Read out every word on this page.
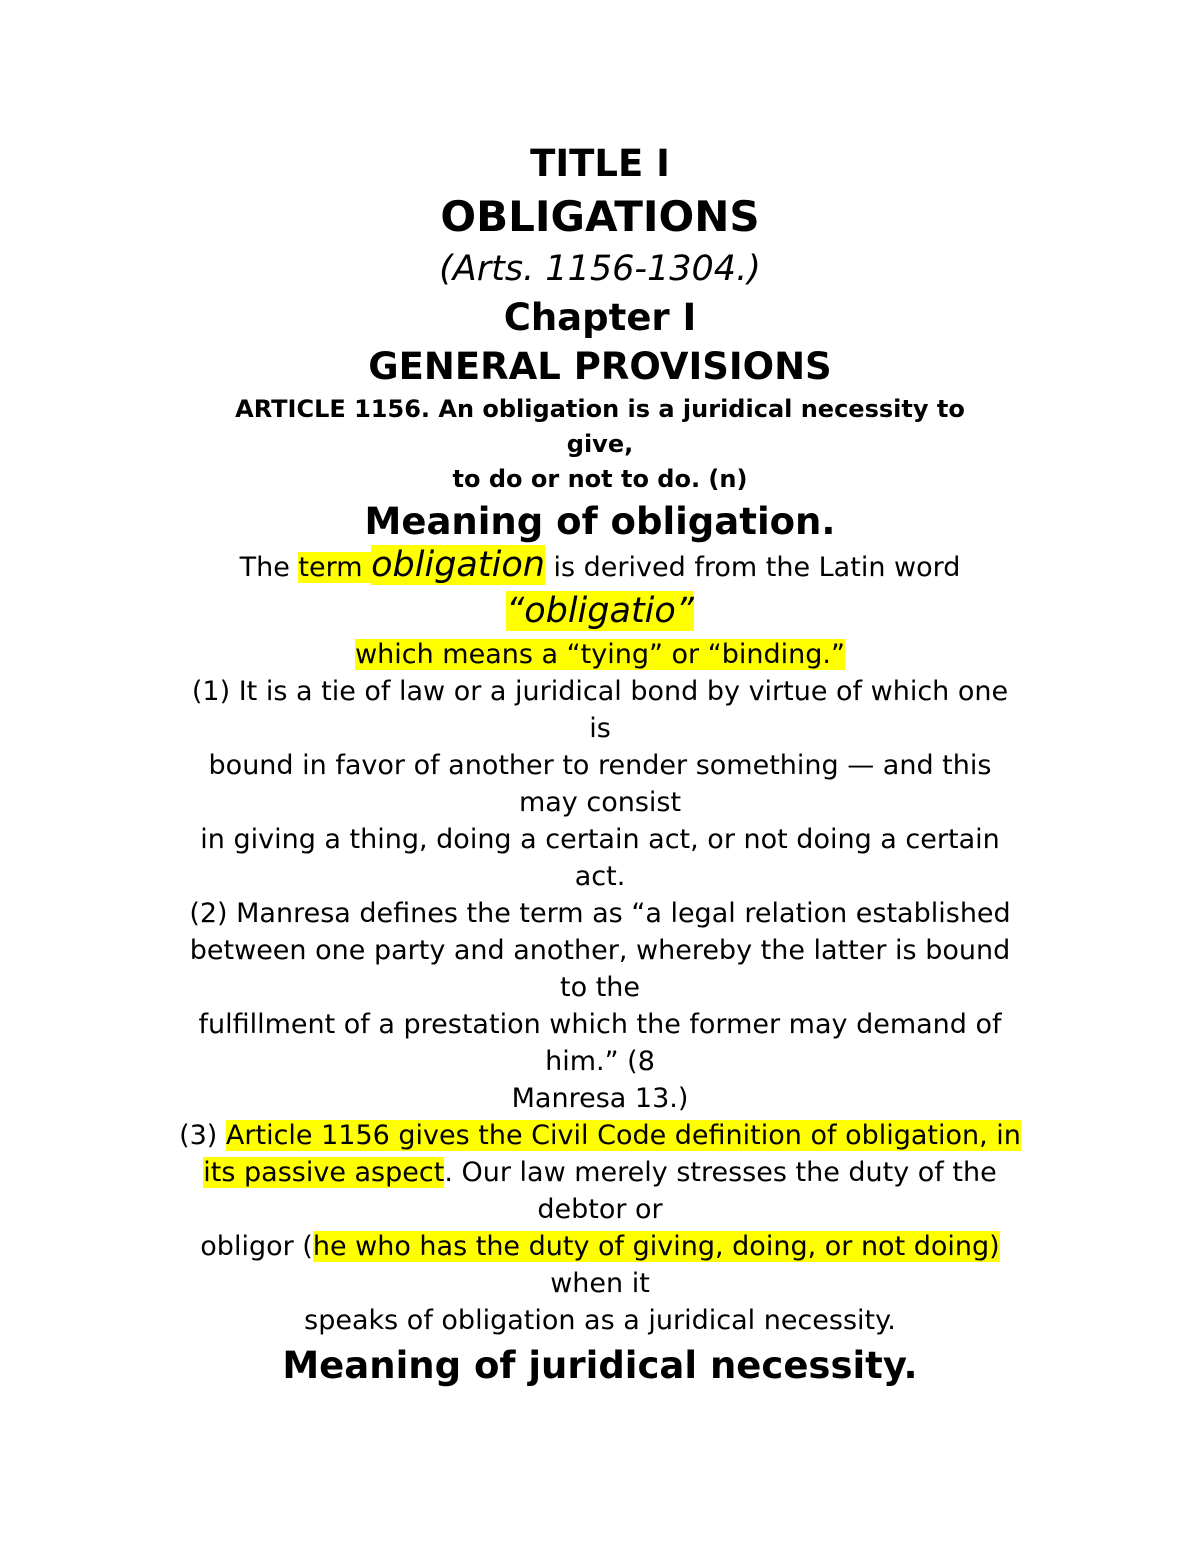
TITLE I

OBLIGATIONS

(Arts. 1156-1304.)

Chapter I

GENERAL PROVISIONS

ARTICLE 1156. An obligation is a juridical necessity to

give,

to do or not to do. (n)

Meaning of obligation.

The term obligation is derived from the Latin word

“obligatio”

which means a “tying” or “binding.”

(1) It is a tie of law or a juridical bond by virtue of which one

is

bound in favor of another to render something — and this

may consist

in giving a thing, doing a certain act, or not doing a certain

act.

(2) Manresa defines the term as “a legal relation established

between one party and another, whereby the latter is bound

to the

fulfillment of a prestation which the former may demand of

him.” (8

Manresa 13.)

(3) Article 1156 gives the Civil Code definition of obligation, in

its passive aspect. Our law merely stresses the duty of the

debtor or

obligor (he who has the duty of giving, doing, or not doing)

when it

speaks of obligation as a juridical necessity.

Meaning of juridical necessity.
